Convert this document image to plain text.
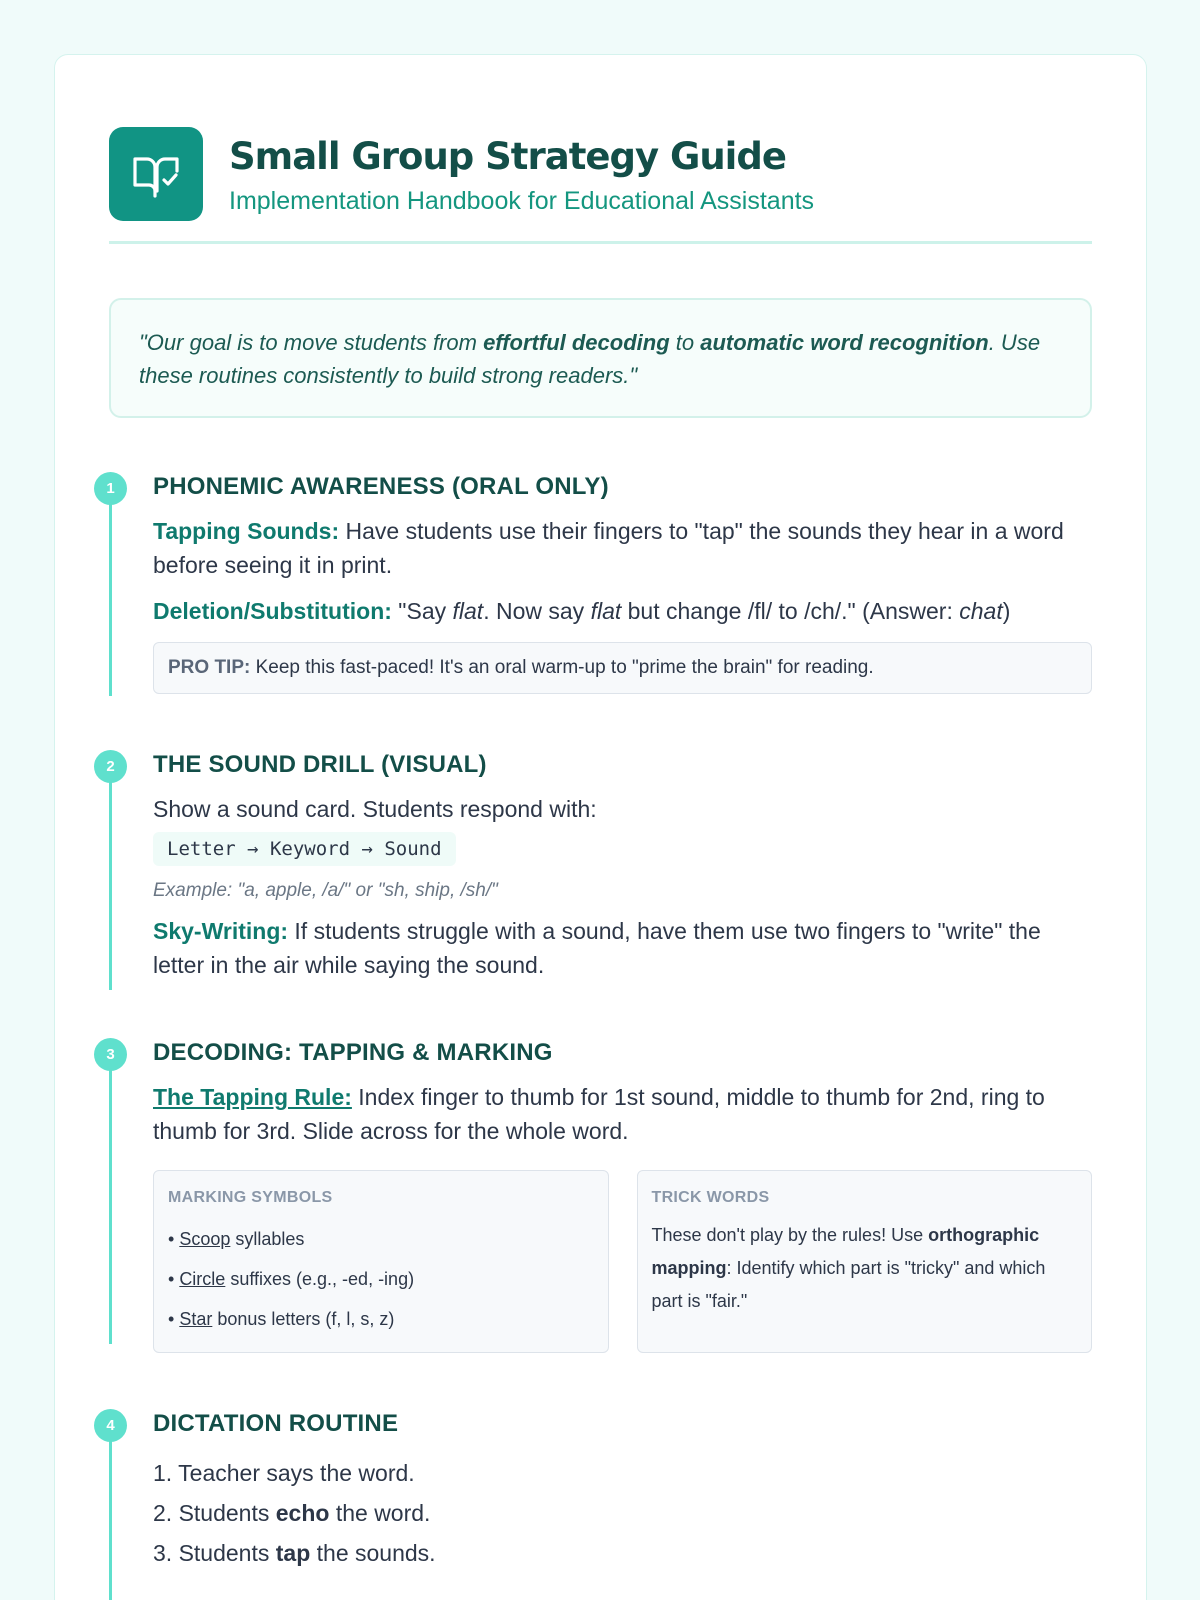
Small Group Strategy Guide
Implementation Handbook for Educational Assistants
"Our goal is to move students from effortful decoding to automatic word recognition. Use these routines consistently to build strong readers."
1	PHONEMIC AWARENESS (ORAL ONLY)
Tapping Sounds: Have students use their fingers to "tap" the sounds they hear in a word before seeing it in print.
Deletion/Substitution: "Say flat. Now say flat but change /fl/ to /ch/." (Answer: chat)
PRO TIP: Keep this fast-paced! It's an oral warm-up to "prime the brain" for reading.
2	THE SOUND DRILL (VISUAL)
Show a sound card. Students respond with:
Letter → Keyword → Sound
Example: "a, apple, /a/" or "sh, ship, /sh/"
Sky-Writing: If students struggle with a sound, have them use two fingers to "write" the letter in the air while saying the sound.
3	DECODING: TAPPING & MARKING
The Tapping Rule: Index finger to thumb for 1st sound, middle to thumb for 2nd, ring to thumb for 3rd. Slide across for the whole word.
MARKING SYMBOLS
• Scoop syllables
• Circle suffixes (e.g., -ed, -ing)
• Star bonus letters (f, l, s, z)
TRICK WORDS

These don't play by the rules! Use orthographic mapping: Identify which part is "tricky" and which part is "fair."

4	DICTATION ROUTINE
1. Teacher says the word.
2. Students echo the word.
3. Students tap the sounds.
